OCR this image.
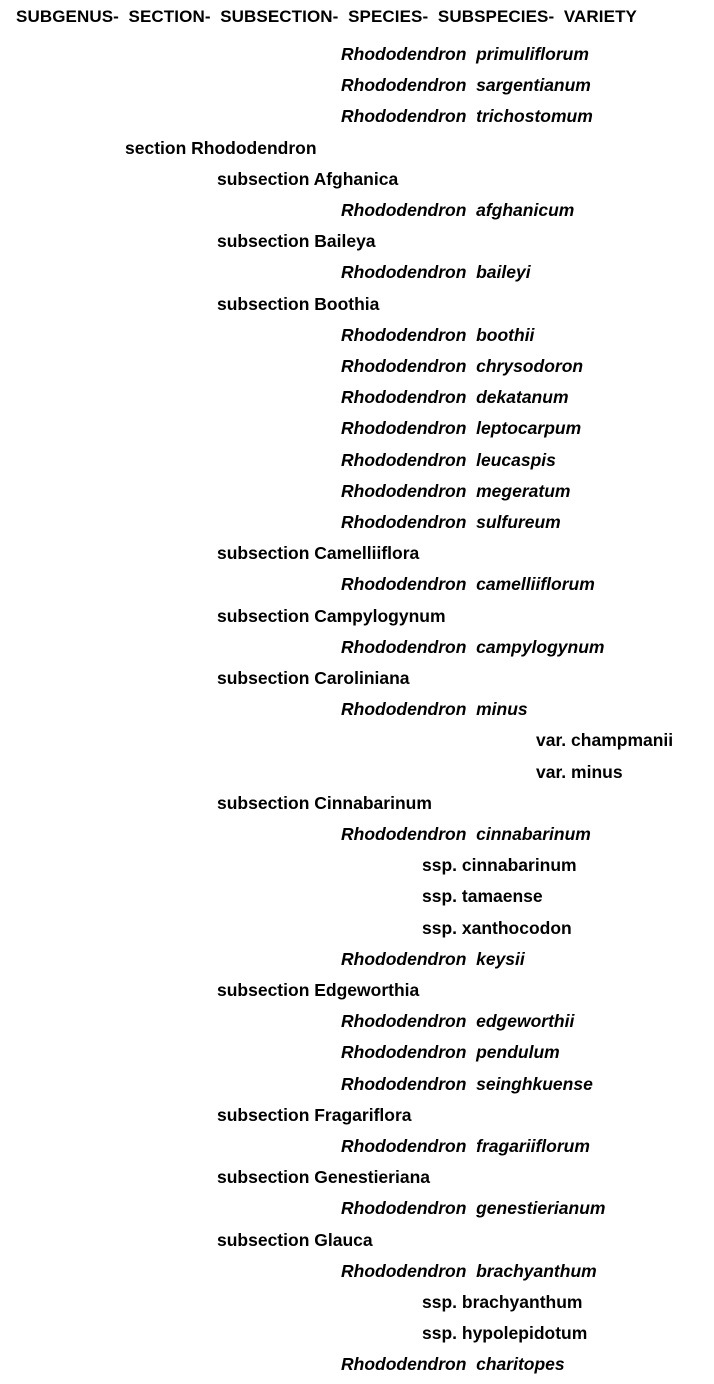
SUBGENUS-  SECTION-  SUBSECTION-  SPECIES-  SUBSPECIES-  VARIETY
Rhododendron  primuliflorum
Rhododendron  sargentianum
Rhododendron  trichostomum
section Rhododendron
subsection Afghanica
Rhododendron  afghanicum
subsection Baileya
Rhododendron  baileyi
subsection Boothia
Rhododendron  boothii
Rhododendron  chrysodoron
Rhododendron  dekatanum
Rhododendron  leptocarpum
Rhododendron  leucaspis
Rhododendron  megeratum
Rhododendron  sulfureum
subsection Camelliiflora
Rhododendron  camelliiflorum
subsection Campylogynum
Rhododendron  campylogynum
subsection Caroliniana
Rhododendron  minus
var. champmanii
var. minus
subsection Cinnabarinum
Rhododendron  cinnabarinum
ssp. cinnabarinum
ssp. tamaense
ssp. xanthocodon
Rhododendron  keysii
subsection Edgeworthia
Rhododendron  edgeworthii
Rhododendron  pendulum
Rhododendron  seinghkuense
subsection Fragariflora
Rhododendron  fragariiflorum
subsection Genestieriana
Rhododendron  genestierianum
subsection Glauca
Rhododendron  brachyanthum
ssp. brachyanthum
ssp. hypolepidotum
Rhododendron  charitopes
